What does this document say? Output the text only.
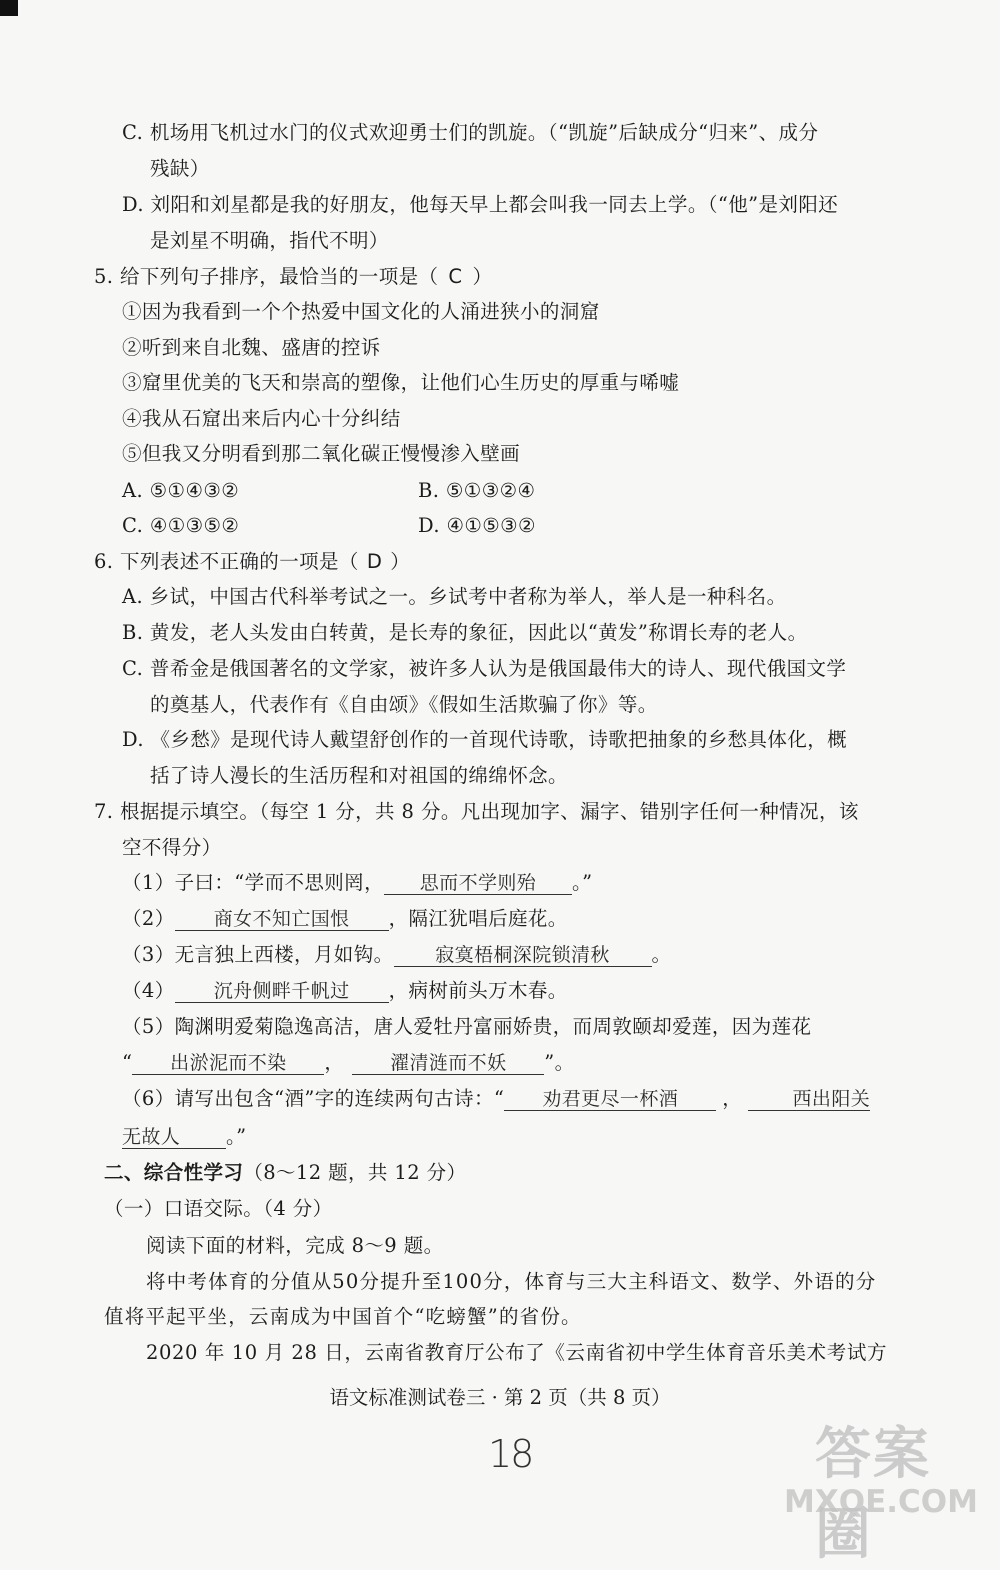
C. 机场用飞机过水门的仪式欢迎勇士们的凯旋。（“凯旋”后缺成分“归来”、成分
残缺）
D. 刘阳和刘星都是我的好朋友，他每天早上都会叫我一同去上学。（“他”是刘阳还
是刘星不明确，指代不明）
5. 给下列句子排序，最恰当的一项是（ C ）
①因为我看到一个个热爱中国文化的人涌进狭小的洞窟
②听到来自北魏、盛唐的控诉
③窟里优美的飞天和崇高的塑像，让他们心生历史的厚重与唏嘘
④我从石窟出来后内心十分纠结
⑤但我又分明看到那二氧化碳正慢慢渗入壁画
A. ⑤①④③②	B. ⑤①③②④
C. ④①③⑤②	D. ④①⑤③②
6. 下列表述不正确的一项是（ D ）
A. 乡试，中国古代科举考试之一。乡试考中者称为举人，举人是一种科名。
B. 黄发，老人头发由白转黄，是长寿的象征，因此以“黄发”称谓长寿的老人。
C. 普希金是俄国著名的文学家，被许多人认为是俄国最伟大的诗人、现代俄国文学
的奠基人，代表作有《自由颂》《假如生活欺骗了你》等。
D. 《乡愁》是现代诗人戴望舒创作的一首现代诗歌，诗歌把抽象的乡愁具体化，概
括了诗人漫长的生活历程和对祖国的绵绵怀念。
7. 根据提示填空。（每空 1 分，共 8 分。凡出现加字、漏字、错别字任何一种情况，该
空不得分）
（1）子曰：“学而不思则罔， 思而不学则殆 。”
（2） 商女不知亡国恨 ，隔江犹唱后庭花。
（3）无言独上西楼，月如钩。 寂寞梧桐深院锁清秋 。
（4） 沉舟侧畔千帆过 ，病树前头万木春。
（5）陶渊明爱菊隐逸高洁，唐人爱牡丹富丽娇贵，而周敦颐却爱莲，因为莲花
“ 出淤泥而不染 ， 濯清涟而不妖 ”。
（6）请写出包含“酒”字的连续两句古诗：“ 劝君更尽一杯酒 ，	西出阳关
无故人 。”
二、综合性学习（8～12 题，共 12 分）
（一）口语交际。（4 分）
阅读下面的材料，完成 8～9 题。
将中考体育的分值从50分提升至100分，体育与三大主科语文、数学、外语的分
值将平起平坐，云南成为中国首个“吃螃蟹”的省份。
2020 年 10 月 28 日，云南省教育厅公布了《云南省初中学生体育音乐美术考试方
语文标准测试卷三 · 第 2 页（共 8 页）
18	答案圈
MXQE.COM
